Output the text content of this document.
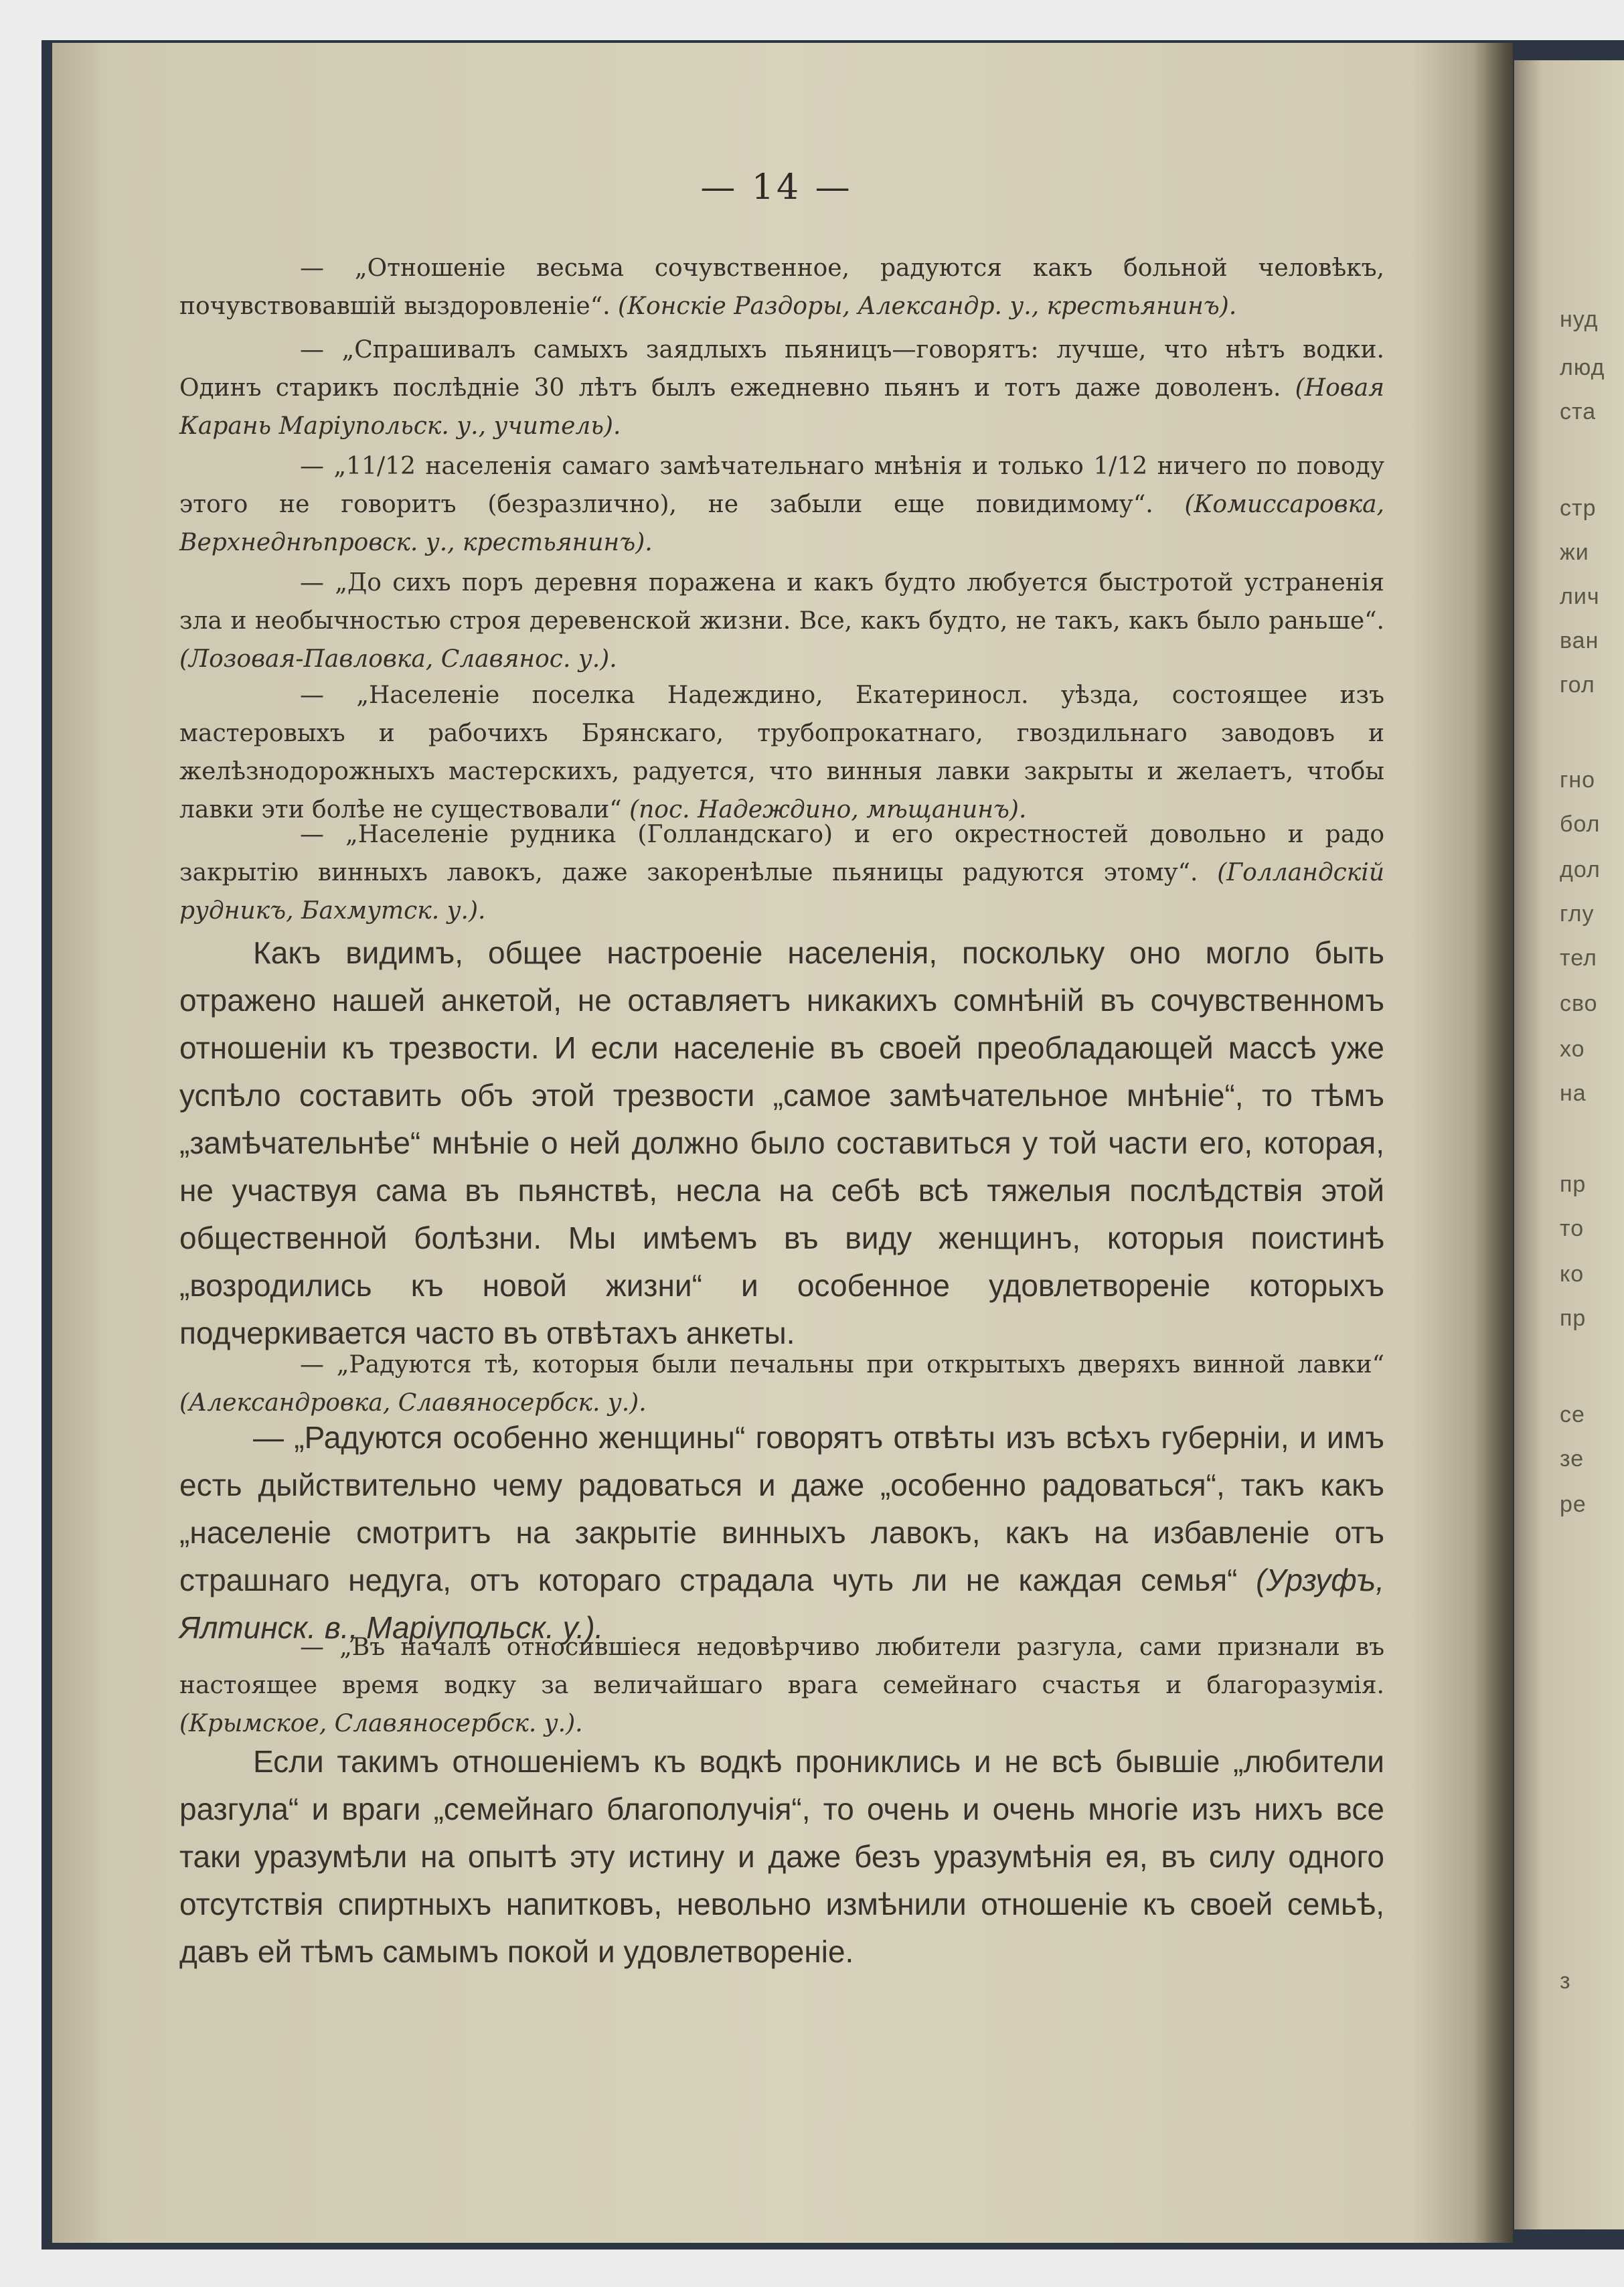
нуд
люд
ста
стр
жи
лич
ван
гол
гно
бол
дол
глу
тел
сво
хо
на
пр
то
ко
пр
се
зе
ре
з
— 14 —
— „Отношеніе весьма сочувственное, радуются какъ больной человѣкъ, почувствовавшій выздоровленіе“. (Конскіе Раздоры, Александр. у., крестьянинъ).
— „Спрашивалъ самыхъ заядлыхъ пьяницъ—говорятъ: лучше, что нѣтъ водки. Одинъ старикъ послѣдніе 30 лѣтъ былъ ежедневно пьянъ и тотъ даже доволенъ. (Новая Карань Маріупольск. у., учитель).
— „11/12 населенія самаго замѣчательнаго мнѣнія и только 1/12 ничего по поводу этого не говоритъ (безразлично), не забыли еще повидимому“. (Комиссаровка, Верхнеднѣпровск. у., крестьянинъ).
— „До сихъ поръ деревня поражена и какъ будто любуется быстротой устраненія зла и необычностью строя деревенской жизни. Все, какъ будто, не такъ, какъ было раньше“. (Лозовая-Павловка, Славянос. у.).
— „Населеніе поселка Надеждино, Екатериносл. уѣзда, состоящее изъ мастеровыхъ и рабочихъ Брянскаго, трубопрокатнаго, гвоздильнаго заводовъ и желѣзнодорожныхъ мастерскихъ, радуется, что винныя лавки закрыты и желаетъ, чтобы лавки эти болѣе не существовали“ (пос. Надеждино, мѣщанинъ).
— „Населеніе рудника (Голландскаго) и его окрестностей довольно и радо закрытію винныхъ лавокъ, даже закоренѣлые пьяницы радуются этому“. (Голландскій рудникъ, Бахмутск. у.).
Какъ видимъ, общее настроеніе населенія, поскольку оно могло быть отражено нашей анкетой, не оставляетъ никакихъ сомнѣній въ сочувственномъ отношеніи къ трезвости. И если населеніе въ своей преобладающей массѣ уже успѣло составить объ этой трезвости „самое замѣчательное мнѣніе“, то тѣмъ „замѣчательнѣе“ мнѣніе о ней должно было составиться у той части его, которая, не участвуя сама въ пьянствѣ, несла на себѣ всѣ тяжелыя послѣдствія этой общественной болѣзни. Мы имѣемъ въ виду женщинъ, которыя поистинѣ „возродились къ новой жизни“ и особенное удовлетвореніе которыхъ подчеркивается часто въ отвѣтахъ анкеты.
— „Радуются тѣ, которыя были печальны при открытыхъ дверяхъ винной лавки“ (Александровка, Славяносербск. у.).
— „Радуются особенно женщины“ говорятъ отвѣты изъ всѣхъ губерніи, и имъ есть дыйствительно чему радоваться и даже „особенно радоваться“, такъ какъ „населеніе смотритъ на закрытіе винныхъ лавокъ, какъ на избавленіе отъ страшнаго недуга, отъ котораго страдала чуть ли не каждая семья“ (Урзуфъ, Ялтинск. в., Маріупольск. у.).
— „Въ началѣ относившіеся недовѣрчиво любители разгула, сами признали въ настоящее время водку за величайшаго врага семейнаго счастья и благоразумія. (Крымское, Славяносербск. у.).
Если такимъ отношеніемъ къ водкѣ прониклись и не всѣ бывшіе „любители разгула“ и враги „семейнаго благополучія“, то очень и очень многіе изъ нихъ все таки уразумѣли на опытѣ эту истину и даже безъ уразумѣнія ея, въ силу одного отсутствія спиртныхъ напитковъ, невольно измѣнили отношеніе къ своей семьѣ, давъ ей тѣмъ самымъ покой и удовлетвореніе.
